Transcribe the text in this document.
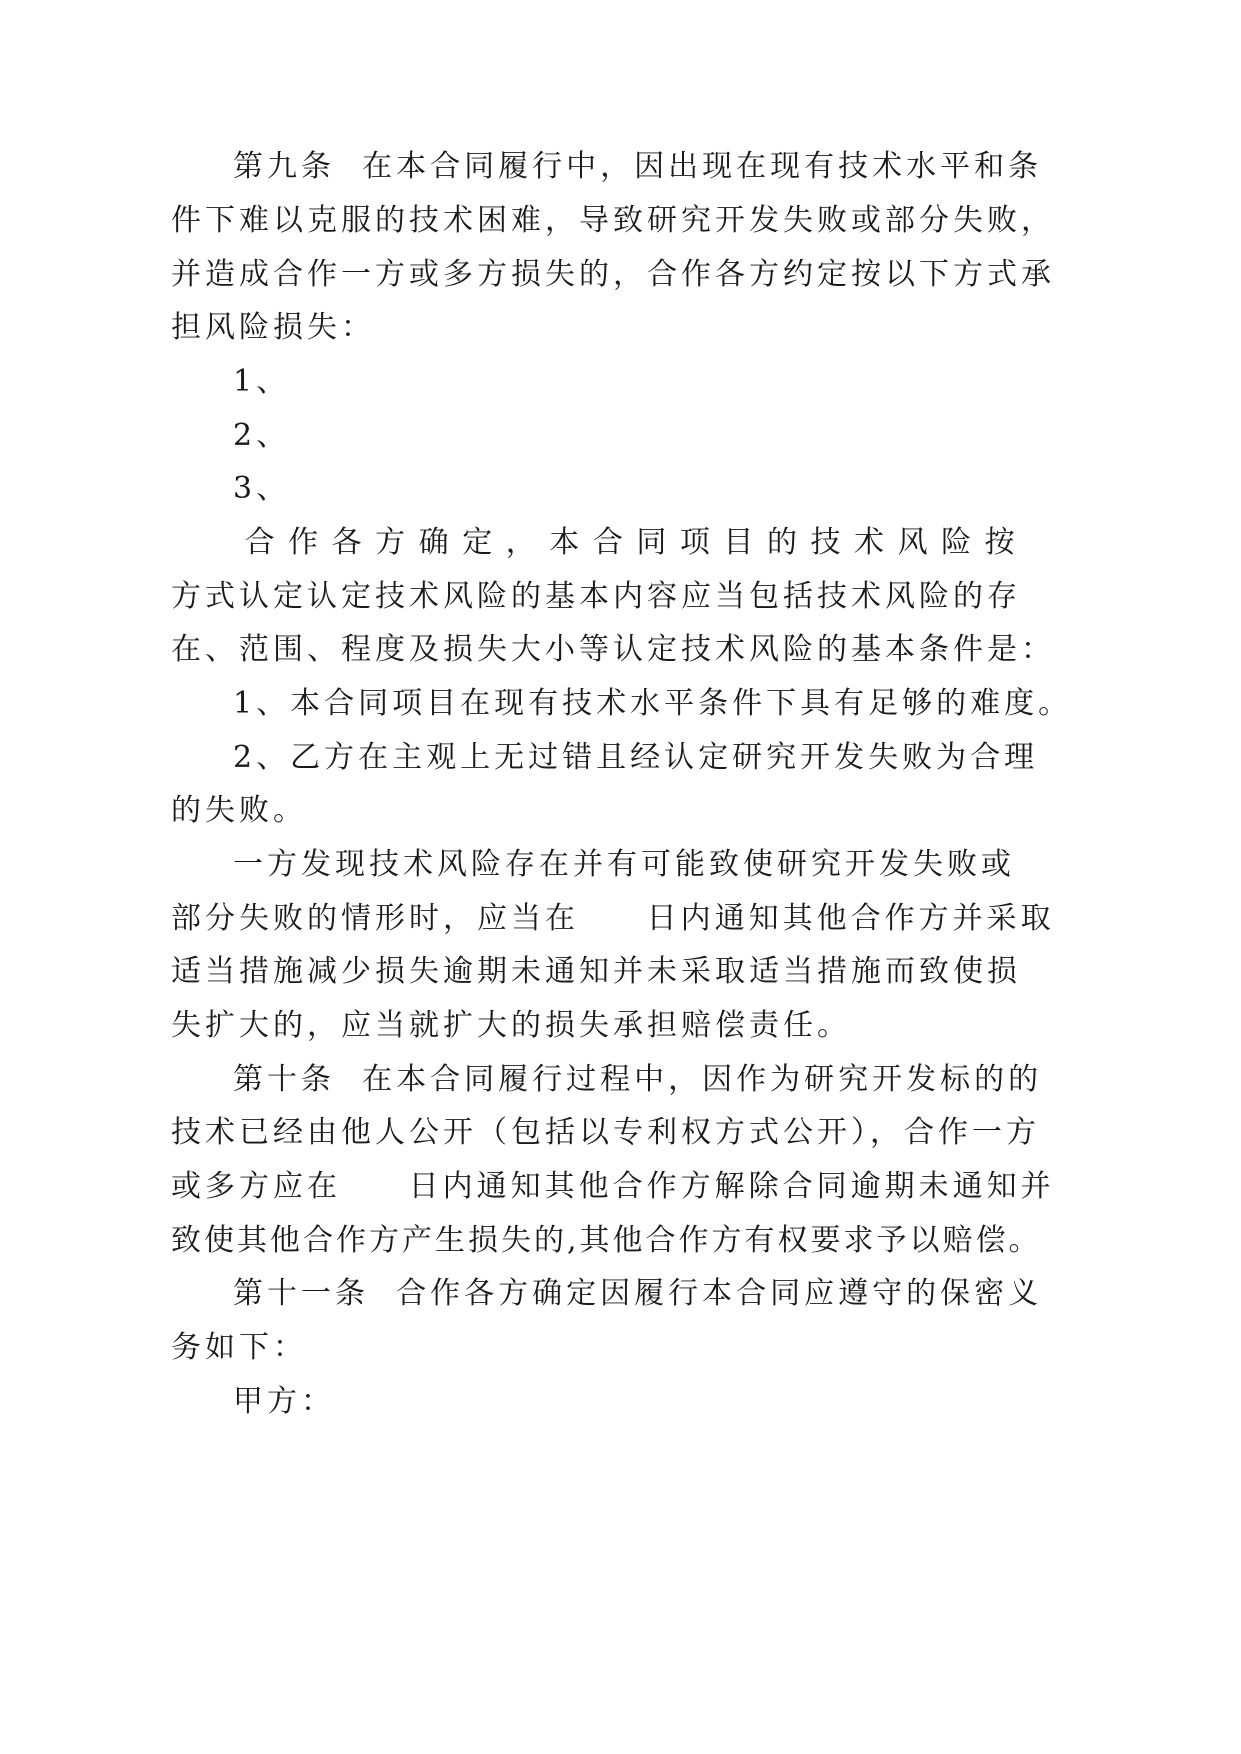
第九条  在本合同履行中，因出现在现有技术水平和条
件下难以克服的技术困难，导致研究开发失败或部分失败，
并造成合作一方或多方损失的，合作各方约定按以下方式承
担风险损失：
1、
2、
3、
合 作 各 方 确 定 ， 本 合 同 项 目 的 技 术 风 险 按
方式认定认定技术风险的基本内容应当包括技术风险的存
在、范围、程度及损失大小等认定技术风险的基本条件是：
1、本合同项目在现有技术水平条件下具有足够的难度。
2、乙方在主观上无过错且经认定研究开发失败为合理
的失败。
一方发现技术风险存在并有可能致使研究开发失败或
部分失败的情形时，应当在     日内通知其他合作方并采取
适当措施减少损失逾期未通知并未采取适当措施而致使损
失扩大的，应当就扩大的损失承担赔偿责任。
第十条  在本合同履行过程中，因作为研究开发标的的
技术已经由他人公开（包括以专利权方式公开），合作一方
或多方应在     日内通知其他合作方解除合同逾期未通知并
致使其他合作方产生损失的,其他合作方有权要求予以赔偿。
第十一条  合作各方确定因履行本合同应遵守的保密义
务如下：
甲方：
